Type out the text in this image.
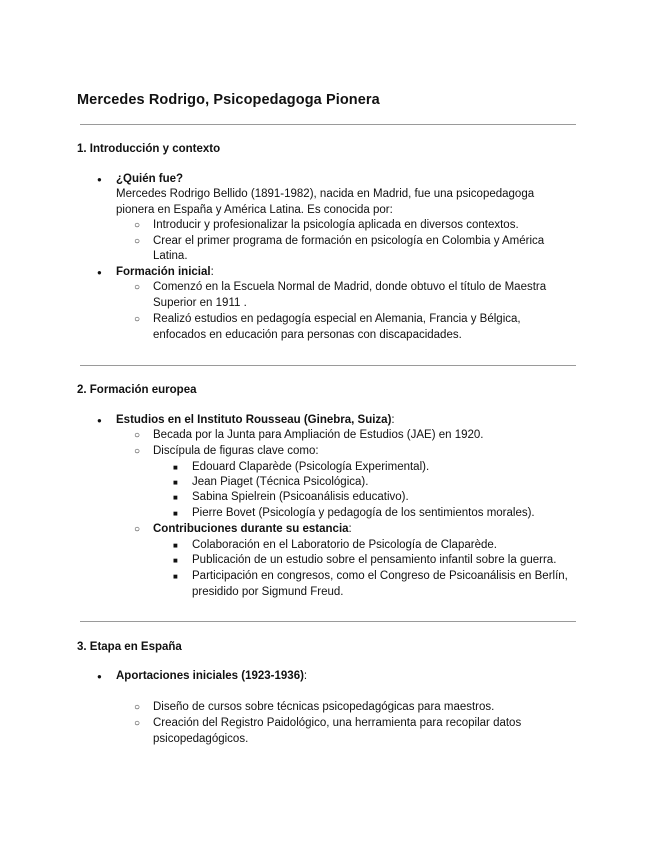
Mercedes Rodrigo, Psicopedagoga Pionera
1. Introducción y contexto
●
¿Quién fue?
Mercedes Rodrigo Bellido (1891-1982), nacida en Madrid, fue una psicopedagoga
pionera en España y América Latina. Es conocida por:
○
Introducir y profesionalizar la psicología aplicada en diversos contextos.
○
Crear el primer programa de formación en psicología en Colombia y América
Latina.
●
Formación inicial:
○
Comenzó en la Escuela Normal de Madrid, donde obtuvo el título de Maestra
Superior en 1911 .
○
Realizó estudios en pedagogía especial en Alemania, Francia y Bélgica,
enfocados en educación para personas con discapacidades.
2. Formación europea
●
Estudios en el Instituto Rousseau (Ginebra, Suiza):
○
Becada por la Junta para Ampliación de Estudios (JAE) en 1920.
○
Discípula de figuras clave como:
■
Edouard Claparède (Psicología Experimental).
■
Jean Piaget (Técnica Psicológica).
■
Sabina Spielrein (Psicoanálisis educativo).
■
Pierre Bovet (Psicología y pedagogía de los sentimientos morales).
○
Contribuciones durante su estancia:
■
Colaboración en el Laboratorio de Psicología de Claparède.
■
Publicación de un estudio sobre el pensamiento infantil sobre la guerra.
■
Participación en congresos, como el Congreso de Psicoanálisis en Berlín,
presidido por Sigmund Freud.
3. Etapa en España
●
Aportaciones iniciales (1923-1936):
○
Diseño de cursos sobre técnicas psicopedagógicas para maestros.
○
Creación del Registro Paidológico, una herramienta para recopilar datos
psicopedagógicos.
